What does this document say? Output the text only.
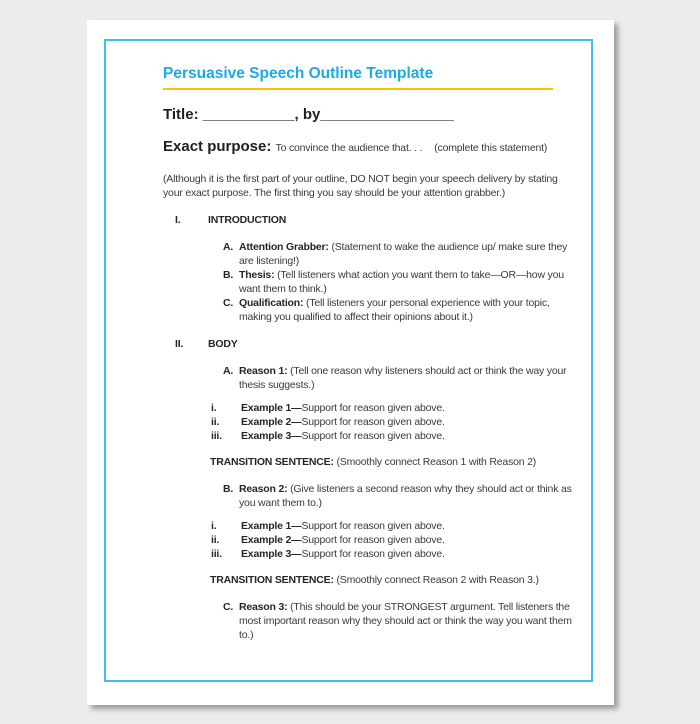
Persuasive Speech Outline Template
Title: ___________, by________________
Exact purpose: To convince the audience that. . . (complete this statement)

(Although it is the first part of your outline, DO NOT begin your speech delivery by stating your exact purpose. The first thing you say should be your attention grabber.)

I.	INTRODUCTION
A. Attention Grabber: (Statement to wake the audience up/ make sure they are listening!)
B. Thesis: (Tell listeners what action you want them to take—OR—how you want them to think.)
C. Qualification: (Tell listeners your personal experience with your topic, making you qualified to affect their opinions about it.)
II.	BODY
A. Reason 1: (Tell one reason why listeners should act or think the way your thesis suggests.)
i.	Example 1—Support for reason given above.
ii.	Example 2—Support for reason given above.
iii.	Example 3—Support for reason given above.
TRANSITION SENTENCE: (Smoothly connect Reason 1 with Reason 2)
B. Reason 2: (Give listeners a second reason why they should act or think as you want them to.)
i.	Example 1—Support for reason given above.
ii.	Example 2—Support for reason given above.
iii.	Example 3—Support for reason given above.
TRANSITION SENTENCE: (Smoothly connect Reason 2 with Reason 3.)
C. Reason 3: (This should be your STRONGEST argument. Tell listeners the most important reason why they should act or think the way you want them to.)
